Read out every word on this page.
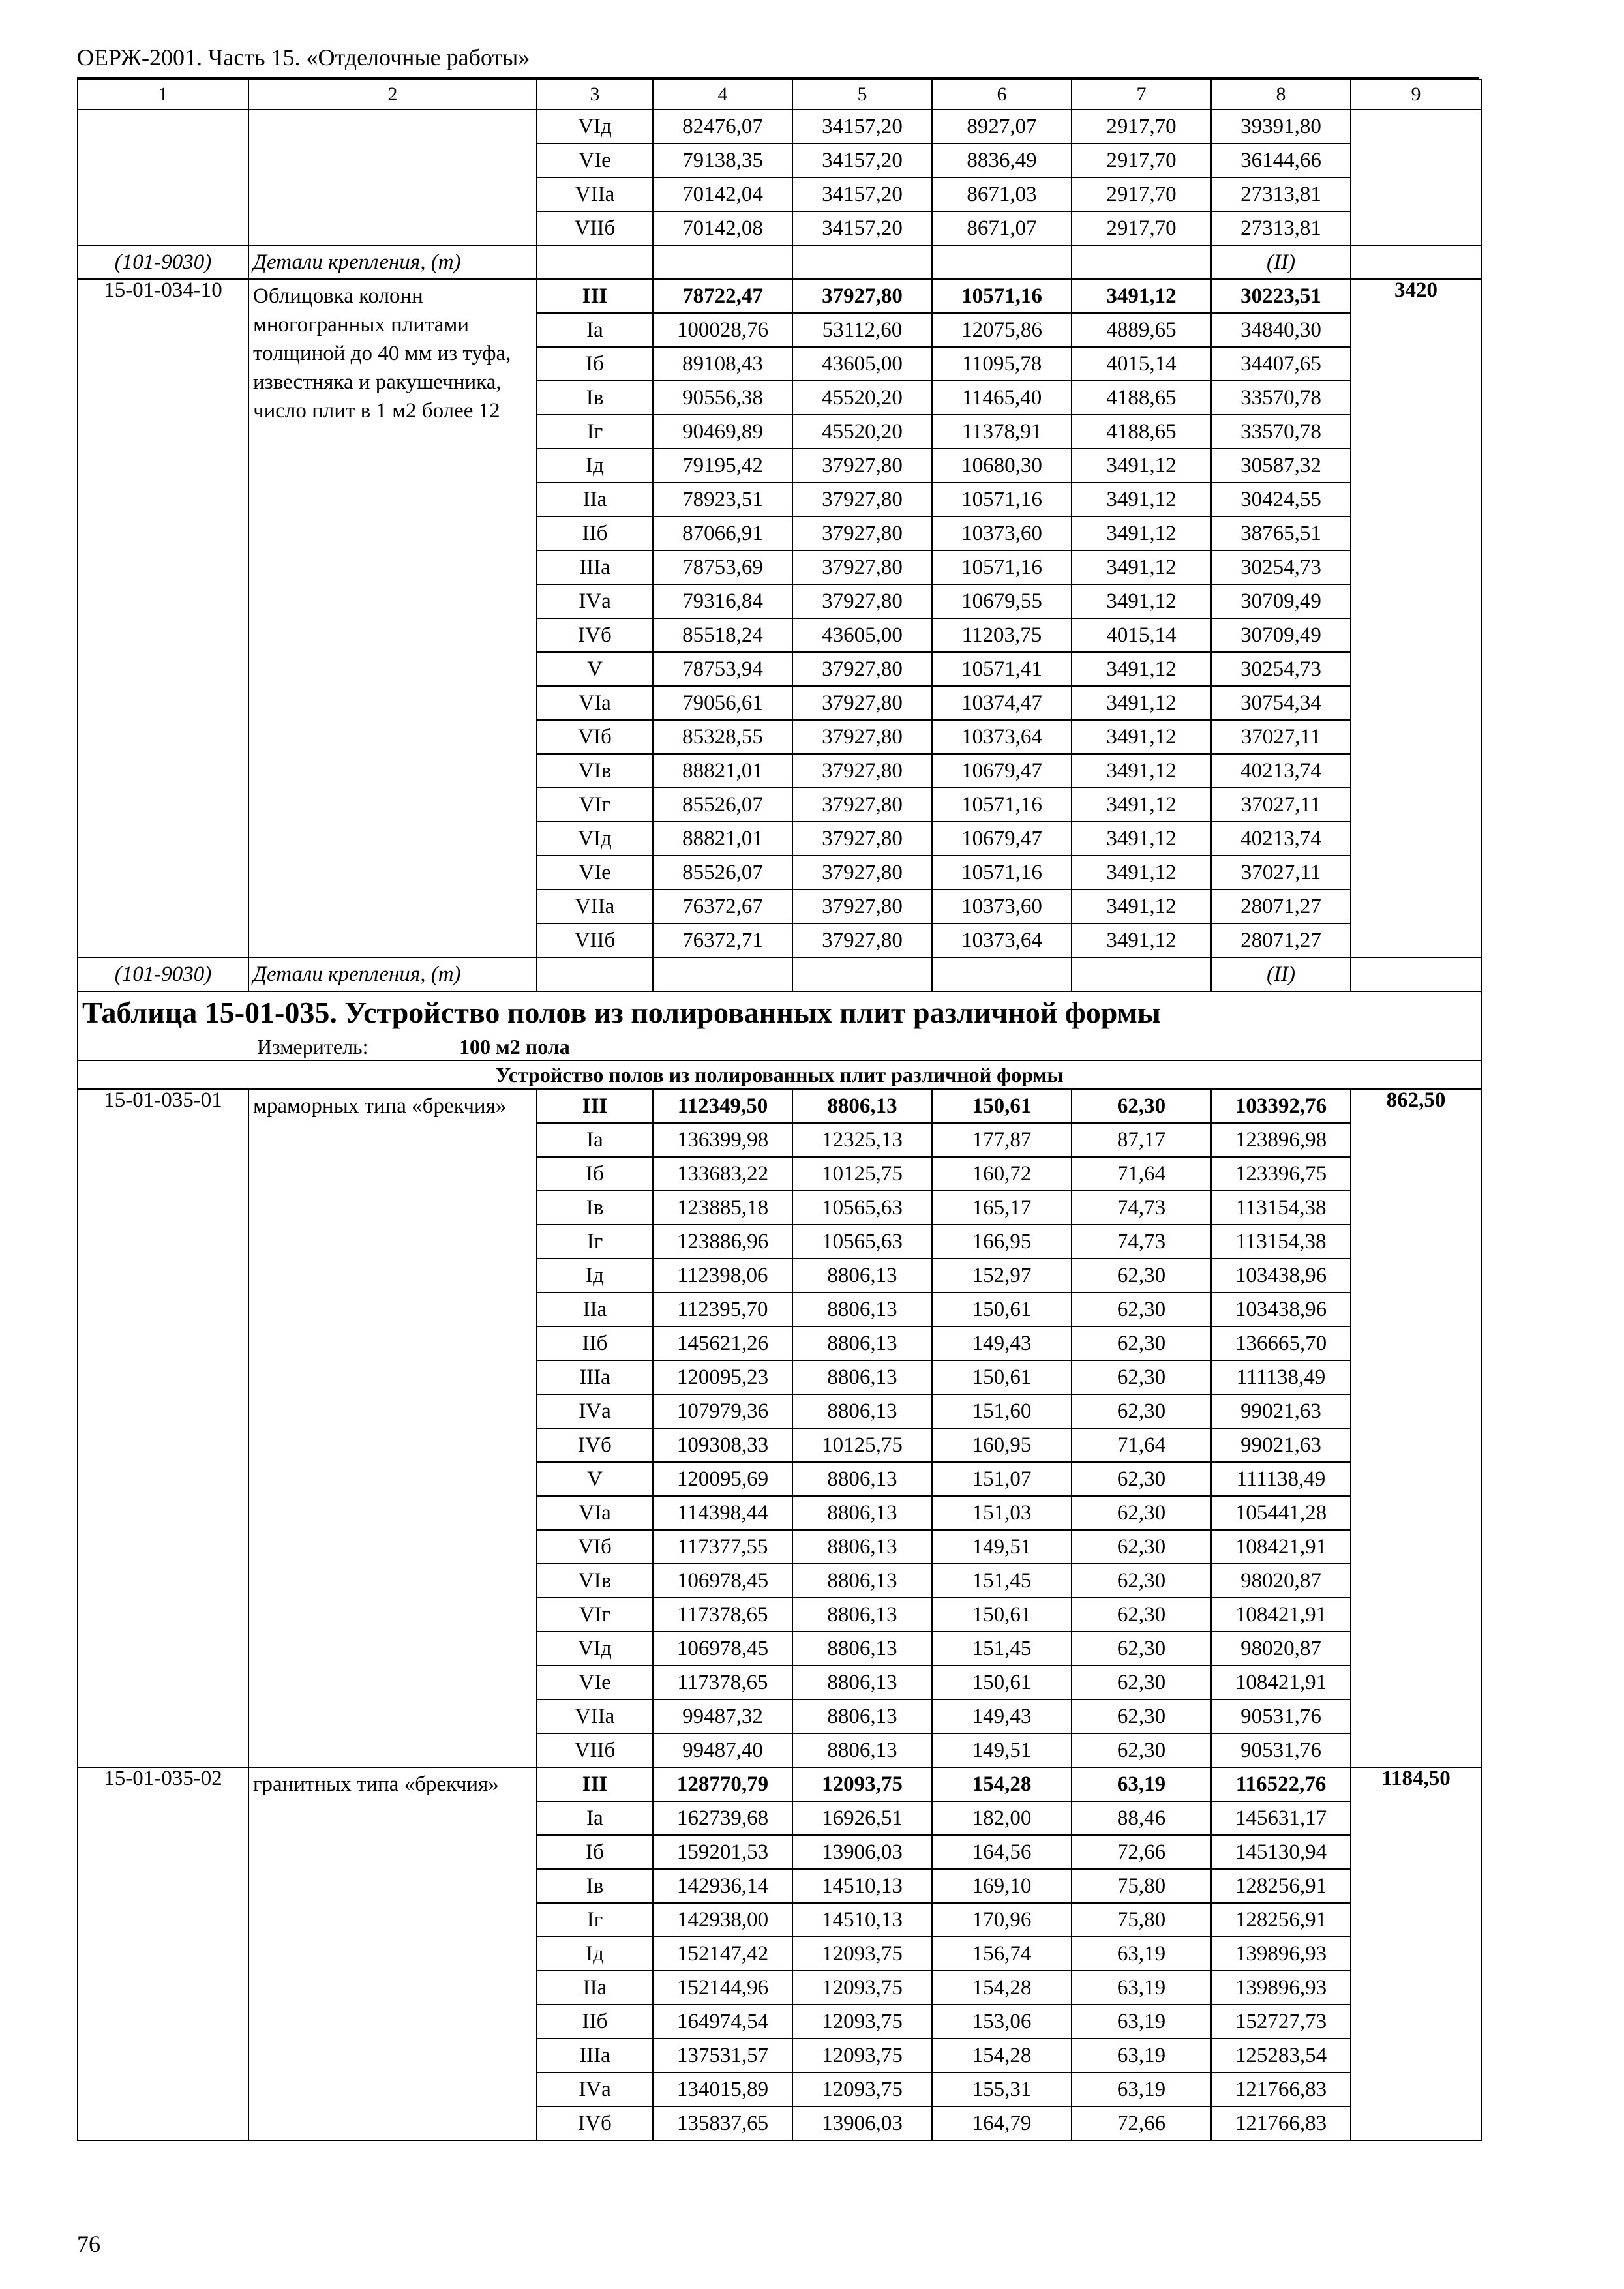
ОЕРЖ-2001. Часть 15. «Отделочные работы»
1	2	3	4	5	6	7	8	9
		VIд	82476,07	34157,20	8927,07	2917,70	39391,80	
		VIе	79138,35	34157,20	8836,49	2917,70	36144,66	
		VIIа	70142,04	34157,20	8671,03	2917,70	27313,81	
		VIIб	70142,08	34157,20	8671,07	2917,70	27313,81	
(101-9030)	Детали крепления, (т)						(II)	
15-01-034-10	Облицовка колонн многогранных плитами толщиной до 40 мм из туфа, известняка и ракушечника, число плит в 1 м2 более 12	III	78722,47	37927,80	10571,16	3491,12	30223,51	3420
		Iа	100028,76	53112,60	12075,86	4889,65	34840,30	
		Iб	89108,43	43605,00	11095,78	4015,14	34407,65	
		Iв	90556,38	45520,20	11465,40	4188,65	33570,78	
		Iг	90469,89	45520,20	11378,91	4188,65	33570,78	
		Iд	79195,42	37927,80	10680,30	3491,12	30587,32	
		IIа	78923,51	37927,80	10571,16	3491,12	30424,55	
		IIб	87066,91	37927,80	10373,60	3491,12	38765,51	
		IIIа	78753,69	37927,80	10571,16	3491,12	30254,73	
		IVа	79316,84	37927,80	10679,55	3491,12	30709,49	
		IVб	85518,24	43605,00	11203,75	4015,14	30709,49	
		V	78753,94	37927,80	10571,41	3491,12	30254,73	
		VIа	79056,61	37927,80	10374,47	3491,12	30754,34	
		VIб	85328,55	37927,80	10373,64	3491,12	37027,11	
		VIв	88821,01	37927,80	10679,47	3491,12	40213,74	
		VIг	85526,07	37927,80	10571,16	3491,12	37027,11	
		VIд	88821,01	37927,80	10679,47	3491,12	40213,74	
		VIе	85526,07	37927,80	10571,16	3491,12	37027,11	
		VIIа	76372,67	37927,80	10373,60	3491,12	28071,27	
		VIIб	76372,71	37927,80	10373,64	3491,12	28071,27	
(101-9030)	Детали крепления, (т)						(II)	
Таблица 15-01-035. Устройство полов из полированных плит различной формы								
Измеритель: 100 м2 пола								
Устройство полов из полированных плит различной формы								
15-01-035-01	мраморных типа «брекчия»	III	112349,50	8806,13	150,61	62,30	103392,76	862,50
		Iа	136399,98	12325,13	177,87	87,17	123896,98	
		Iб	133683,22	10125,75	160,72	71,64	123396,75	
		Iв	123885,18	10565,63	165,17	74,73	113154,38	
		Iг	123886,96	10565,63	166,95	74,73	113154,38	
		Iд	112398,06	8806,13	152,97	62,30	103438,96	
		IIа	112395,70	8806,13	150,61	62,30	103438,96	
		IIб	145621,26	8806,13	149,43	62,30	136665,70	
		IIIа	120095,23	8806,13	150,61	62,30	111138,49	
		IVа	107979,36	8806,13	151,60	62,30	99021,63	
		IVб	109308,33	10125,75	160,95	71,64	99021,63	
		V	120095,69	8806,13	151,07	62,30	111138,49	
		VIа	114398,44	8806,13	151,03	62,30	105441,28	
		VIб	117377,55	8806,13	149,51	62,30	108421,91	
		VIв	106978,45	8806,13	151,45	62,30	98020,87	
		VIг	117378,65	8806,13	150,61	62,30	108421,91	
		VIд	106978,45	8806,13	151,45	62,30	98020,87	
		VIе	117378,65	8806,13	150,61	62,30	108421,91	
		VIIа	99487,32	8806,13	149,43	62,30	90531,76	
		VIIб	99487,40	8806,13	149,51	62,30	90531,76	
15-01-035-02	гранитных типа «брекчия»	III	128770,79	12093,75	154,28	63,19	116522,76	1184,50
		Iа	162739,68	16926,51	182,00	88,46	145631,17	
		Iб	159201,53	13906,03	164,56	72,66	145130,94	
		Iв	142936,14	14510,13	169,10	75,80	128256,91	
		Iг	142938,00	14510,13	170,96	75,80	128256,91	
		Iд	152147,42	12093,75	156,74	63,19	139896,93	
		IIа	152144,96	12093,75	154,28	63,19	139896,93	
		IIб	164974,54	12093,75	153,06	63,19	152727,73	
		IIIа	137531,57	12093,75	154,28	63,19	125283,54	
		IVа	134015,89	12093,75	155,31	63,19	121766,83	
		IVб	135837,65	13906,03	164,79	72,66	121766,83	
76
